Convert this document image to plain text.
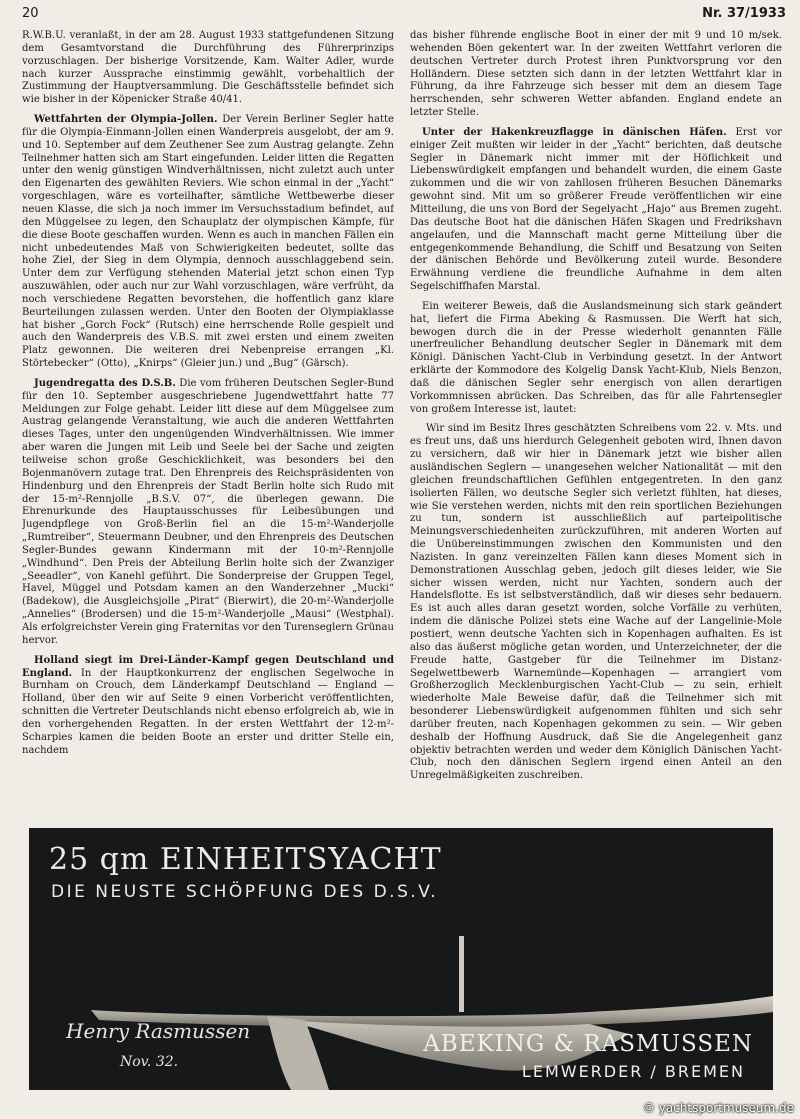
20	Nr. 37/1933

R.W.B.U. veranlaßt, in der am 28. August 1933 stattgefundenen Sitzung dem Gesamtvorstand die Durchführung des Führerprinzips vorzuschlagen. Der bisherige Vorsitzende, Kam. Walter Adler, wurde nach kurzer Aussprache einstimmig gewählt, vorbehaltlich der Zustimmung der Hauptversammlung. Die Geschäftsstelle befindet sich wie bisher in der Köpenicker Straße 40/41.

Wettfahrten der Olympia-Jollen. Der Verein Berliner Segler hatte für die Olympia-Einmann-Jollen einen Wanderpreis ausgelobt, der am 9. und 10. September auf dem Zeuthener See zum Austrag gelangte. Zehn Teilnehmer hatten sich am Start eingefunden. Leider litten die Regatten unter den wenig günstigen Windverhältnissen, nicht zuletzt auch unter den Eigenarten des gewählten Reviers. Wie schon einmal in der „Yacht“ vorgeschlagen, wäre es vorteilhafter, sämtliche Wettbewerbe dieser neuen Klasse, die sich ja noch immer im Versuchsstadium befindet, auf den Müggelsee zu legen, den Schauplatz der olympischen Kämpfe, für die diese Boote geschaffen wurden. Wenn es auch in manchen Fällen ein nicht unbedeutendes Maß von Schwierigkeiten bedeutet, sollte das hohe Ziel, der Sieg in dem Olympia, dennoch ausschlaggebend sein. Unter dem zur Verfügung stehenden Material jetzt schon einen Typ auszuwählen, oder auch nur zur Wahl vorzuschlagen, wäre verfrüht, da noch verschiedene Regatten bevorstehen, die hoffentlich ganz klare Beurteilungen zulassen werden. Unter den Booten der Olympiaklasse hat bisher „Gorch Fock“ (Rutsch) eine herrschende Rolle gespielt und auch den Wanderpreis des V.B.S. mit zwei ersten und einem zweiten Platz gewonnen. Die weiteren drei Nebenpreise errangen „Kl. Störtebecker“ (Otto), „Knirps“ (Gleier jun.) und „Bug“ (Gärsch).

Jugendregatta des D.S.B. Die vom früheren Deutschen Segler-Bund für den 10. September ausgeschriebene Jugendwettfahrt hatte 77 Meldungen zur Folge gehabt. Leider litt diese auf dem Müggelsee zum Austrag gelangende Veranstaltung, wie auch die anderen Wettfahrten dieses Tages, unter den ungenügenden Windverhältnissen. Wie immer aber waren die Jungen mit Leib und Seele bei der Sache und zeigten teilweise schon große Geschicklichkeit, was besonders bei den Bojenmanövern zutage trat. Den Ehrenpreis des Reichspräsidenten von Hindenburg und den Ehrenpreis der Stadt Berlin holte sich Rudo mit der 15-m²-Rennjolle „B.S.V. 07“, die überlegen gewann. Die Ehrenurkunde des Hauptausschusses für Leibesübungen und Jugendpflege von Groß-Berlin fiel an die 15-m²-Wanderjolle „Rumtreiber“, Steuermann Deubner, und den Ehrenpreis des Deutschen Segler-Bundes gewann Kindermann mit der 10-m²-Rennjolle „Windhund“. Den Preis der Abteilung Berlin holte sich der Zwanziger „Seeadler“, von Kanehl geführt. Die Sonderpreise der Gruppen Tegel, Havel, Müggel und Potsdam kamen an den Wanderzehner „Mucki“ (Badekow), die Ausgleichsjolle „Pirat“ (Bierwirt), die 20-m²-Wanderjolle „Annelies“ (Brodersen) und die 15-m²-Wanderjolle „Mausi“ (Westphal). Als erfolgreichster Verein ging Fraternitas vor den Turenseglern Grünau hervor.

Holland siegt im Drei-Länder-Kampf gegen Deutschland und England. In der Hauptkonkurrenz der englischen Segelwoche in Burnham on Crouch, dem Länderkampf Deutschland — England — Holland, über den wir auf Seite 9 einen Vorbericht veröffentlichten, schnitten die Vertreter Deutschlands nicht ebenso erfolgreich ab, wie in den vorhergehenden Regatten. In der ersten Wettfahrt der 12-m²-Scharpies kamen die beiden Boote an erster und dritter Stelle ein, nachdem

das bisher führende englische Boot in einer der mit 9 und 10 m/sek. wehenden Böen gekentert war. In der zweiten Wettfahrt verloren die deutschen Vertreter durch Protest ihren Punktvorsprung vor den Holländern. Diese setzten sich dann in der letzten Wettfahrt klar in Führung, da ihre Fahrzeuge sich besser mit dem an diesem Tage herrschenden, sehr schweren Wetter abfanden. England endete an letzter Stelle.

Unter der Hakenkreuzflagge in dänischen Häfen. Erst vor einiger Zeit mußten wir leider in der „Yacht“ berichten, daß deutsche Segler in Dänemark nicht immer mit der Höflichkeit und Liebenswürdigkeit empfangen und behandelt wurden, die einem Gaste zukommen und die wir von zahllosen früheren Besuchen Dänemarks gewohnt sind. Mit um so größerer Freude veröffentlichen wir eine Mitteilung, die uns von Bord der Segelyacht „Hajo“ aus Bremen zugeht. Das deutsche Boot hat die dänischen Häfen Skagen und Fredrikshavn angelaufen, und die Mannschaft macht gerne Mitteilung über die entgegenkommende Behandlung, die Schiff und Besatzung von Seiten der dänischen Behörde und Bevölkerung zuteil wurde. Besondere Erwähnung verdiene die freundliche Aufnahme in dem alten Segelschiffhafen Marstal.

Ein weiterer Beweis, daß die Auslandsmeinung sich stark geändert hat, liefert die Firma Abeking & Rasmussen. Die Werft hat sich, bewogen durch die in der Presse wiederholt genannten Fälle unerfreulicher Behandlung deutscher Segler in Dänemark mit dem Königl. Dänischen Yacht-Club in Verbindung gesetzt. In der Antwort erklärte der Kommodore des Kolgelig Dansk Yacht-Klub, Niels Benzon, daß die dänischen Segler sehr energisch von allen derartigen Vorkommnissen abrücken. Das Schreiben, das für alle Fahrtensegler von großem Interesse ist, lautet:

Wir sind im Besitz Ihres geschätzten Schreibens vom 22. v. Mts. und es freut uns, daß uns hierdurch Gelegenheit geboten wird, Ihnen davon zu versichern, daß wir hier in Dänemark jetzt wie bisher allen ausländischen Seglern — unangesehen welcher Nationalität — mit den gleichen freundschaftlichen Gefühlen entgegentreten. In den ganz isolierten Fällen, wo deutsche Segler sich verletzt fühlten, hat dieses, wie Sie verstehen werden, nichts mit den rein sportlichen Beziehungen zu tun, sondern ist ausschließlich auf parteipolitische Meinungsverschiedenheiten zurückzuführen, mit anderen Worten auf die Unübereinstimmungen zwischen den Kommunisten und den Nazisten. In ganz vereinzelten Fällen kann dieses Moment sich in Demonstrationen Ausschlag geben, jedoch gilt dieses leider, wie Sie sicher wissen werden, nicht nur Yachten, sondern auch der Handelsflotte. Es ist selbstverständlich, daß wir dieses sehr bedauern. Es ist auch alles daran gesetzt worden, solche Vorfälle zu verhüten, indem die dänische Polizei stets eine Wache auf der Langelinie-Mole postiert, wenn deutsche Yachten sich in Kopenhagen aufhalten. Es ist also das äußerst mögliche getan worden, und Unterzeichneter, der die Freude hatte, Gastgeber für die Teilnehmer im Distanz-Segelwettbewerb Warnemünde—Kopenhagen — arrangiert vom Großherzoglich Mecklenburgischen Yacht-Club — zu sein, erhielt wiederholte Male Beweise dafür, daß die Teilnehmer sich mit besonderer Liebenswürdigkeit aufgenommen fühlten und sich sehr darüber freuten, nach Kopenhagen gekommen zu sein. — Wir geben deshalb der Hoffnung Ausdruck, daß Sie die Angelegenheit ganz objektiv betrachten werden und weder dem Königlich Dänischen Yacht-Club, noch den dänischen Seglern irgend einen Anteil an den Unregelmäßigkeiten zuschreiben.

25 qm EINHEITSYACHT
DIE NEUSTE SCHÖPFUNG DES D.S.V.
Henry Rasmussen
Nov. 32.
ABEKING & RASMUSSEN
LEMWERDER / BREMEN
© yachtsportmuseum.de
